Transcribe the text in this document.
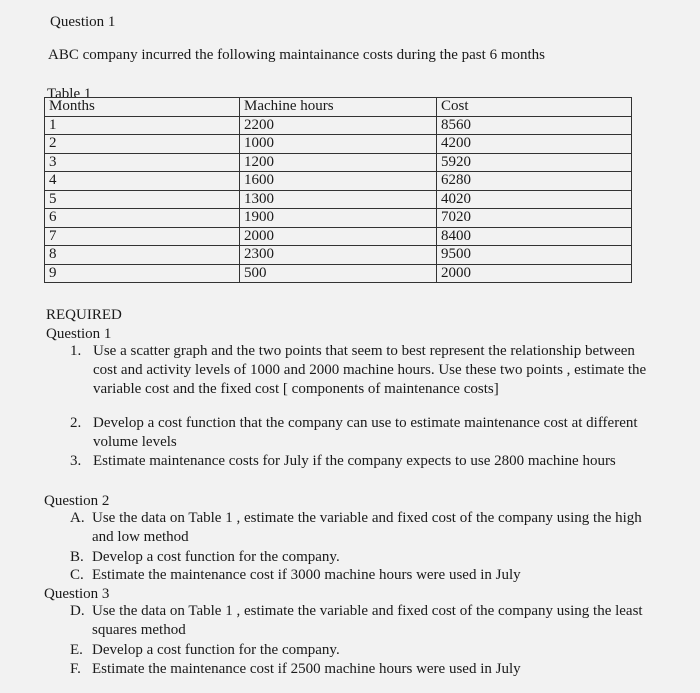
Question 1
ABC company incurred the following maintainance costs during the past 6 months
Table 1
Months	Machine hours	Cost
1	2200	8560
2	1000	4200
3	1200	5920
4	1600	6280
5	1300	4020
6	1900	7020
7	2000	8400
8	2300	9500
9	500	2000
REQUIRED
Question 1
1. Use a scatter graph and the two points that seem to best represent the relationship between cost and activity levels of 1000 and 2000 machine hours. Use these two points , estimate the variable cost and the fixed cost [ components of maintenance costs]
2. Develop a cost function that the company can use to estimate maintenance cost at different volume levels
3. Estimate maintenance costs for July if the company expects to use 2800 machine hours
Question 2
A. Use the data on Table 1 , estimate the variable and fixed cost of the company using the high and low method
B. Develop a cost function for the company.
C. Estimate the maintenance cost if 3000 machine hours were used in July
Question 3
D. Use the data on Table 1 , estimate the variable and fixed cost of the company using the least squares method
E. Develop a cost function for the company.
F. Estimate the maintenance cost if 2500 machine hours were used in July
